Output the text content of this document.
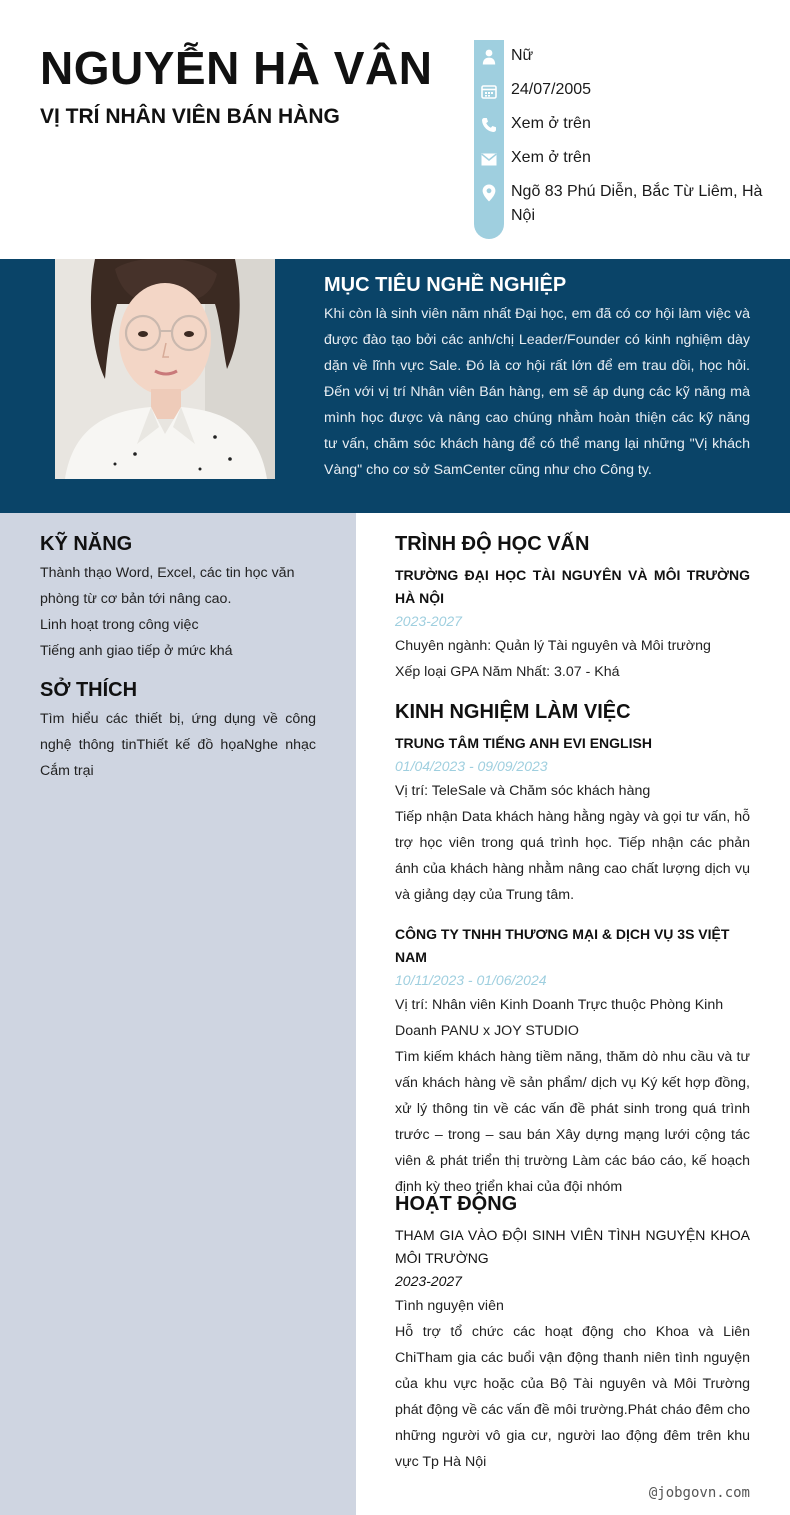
NGUYỄN HÀ VÂN
VỊ TRÍ NHÂN VIÊN BÁN HÀNG
Nữ
24/07/2005
Xem ở trên
Xem ở trên
Ngõ 83 Phú Diễn, Bắc Từ Liêm, Hà Nội
MỤC TIÊU NGHỀ NGHIỆP
Khi còn là sinh viên năm nhất Đại học, em đã có cơ hội làm việc và được đào tạo bởi các anh/chị Leader/Founder có kinh nghiệm dày dặn về lĩnh vực Sale. Đó là cơ hội rất lớn để em trau dồi, học hỏi. Đến với vị trí Nhân viên Bán hàng, em sẽ áp dụng các kỹ năng mà mình học được và nâng cao chúng nhằm hoàn thiện các kỹ năng tư vấn, chăm sóc khách hàng để có thể mang lại những "Vị khách Vàng" cho cơ sở SamCenter cũng như cho Công ty.
KỸ NĂNG
Thành thạo Word, Excel, các tin học văn phòng từ cơ bản tới nâng cao.
Linh hoạt trong công việc
Tiếng anh giao tiếp ở mức khá
SỞ THÍCH
Tìm hiểu các thiết bị, ứng dụng về công nghệ thông tinThiết kế đồ họaNghe nhạc Cắm trại
TRÌNH ĐỘ HỌC VẤN
TRƯỜNG ĐẠI HỌC TÀI NGUYÊN VÀ MÔI TRƯỜNG HÀ NỘI
2023-2027
Chuyên ngành: Quản lý Tài nguyên và Môi trường
Xếp loại GPA Năm Nhất: 3.07 - Khá
KINH NGHIỆM LÀM VIỆC
TRUNG TÂM TIẾNG ANH EVI ENGLISH
01/04/2023 - 09/09/2023
Vị trí: TeleSale và Chăm sóc khách hàng
Tiếp nhận Data khách hàng hằng ngày và gọi tư vấn, hỗ trợ học viên trong quá trình học. Tiếp nhận các phản ánh của khách hàng nhằm nâng cao chất lượng dịch vụ và giảng dạy của Trung tâm.
CÔNG TY TNHH THƯƠNG MẠI & DỊCH VỤ 3S VIỆT NAM
10/11/2023 - 01/06/2024
Vị trí: Nhân viên Kinh Doanh Trực thuộc Phòng Kinh Doanh PANU x JOY STUDIO
Tìm kiếm khách hàng tiềm năng, thăm dò nhu cầu và tư vấn khách hàng về sản phẩm/ dịch vụ Ký kết hợp đồng, xử lý thông tin về các vấn đề phát sinh trong quá trình trước – trong – sau bán Xây dựng mạng lưới cộng tác viên & phát triển thị trường Làm các báo cáo, kế hoạch định kỳ theo triển khai của đội nhóm
HOẠT ĐỘNG
THAM GIA VÀO ĐỘI SINH VIÊN TÌNH NGUYỆN KHOA MÔI TRƯỜNG
2023-2027
Tình nguyện viên
Hỗ trợ tổ chức các hoạt động cho Khoa và Liên ChiTham gia các buổi vận động thanh niên tình nguyện của khu vực hoặc của Bộ Tài nguyên và Môi Trường phát động về các vấn đề môi trường.Phát cháo đêm cho những người vô gia cư, người lao động đêm trên khu vực Tp Hà Nội
@jobgovn.com
